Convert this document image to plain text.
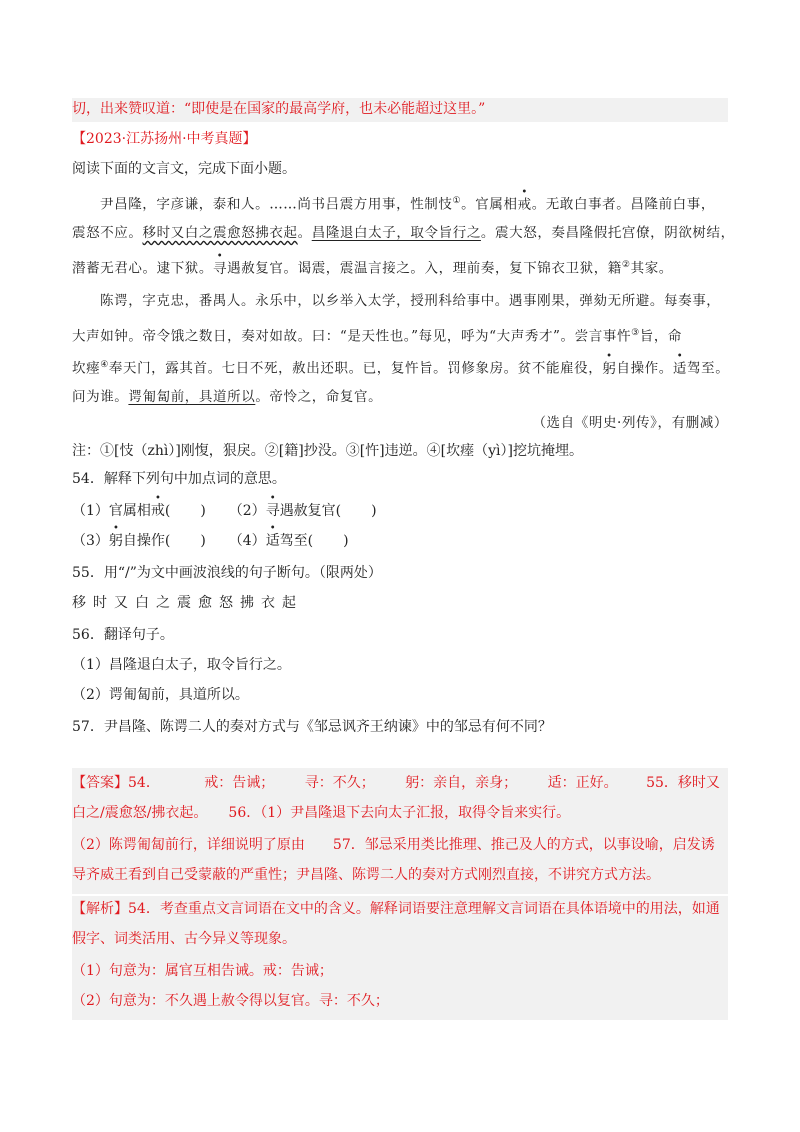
切，出来赞叹道：“即使是在国家的最高学府，也未必能超过这里。”
【2023·江苏扬州·中考真题】
阅读下面的文言文，完成下面小题。
尹昌隆，字彦谦，泰和人。……尚书吕震方用事，性制忮①。官属相戒。无敢白事者。昌隆前白事，
震怒不应。移时又白之震愈怒拂衣起。昌隆退白太子，取令旨行之。震大怒，奏昌隆假托宫僚，阴欲树结，
潜蓄无君心。逮下狱。寻遇赦复官。谒震，震温言接之。入，理前奏，复下锦衣卫狱，籍②其家。
陈谔，字克忠，番禺人。永乐中，以乡举入太学，授刑科给事中。遇事刚果，弹劾无所避。每奏事，
大声如钟。帝令饿之数日，奏对如故。曰：“是天性也。”每见，呼为“大声秀才”。尝言事忤③旨，命
坎瘗④奉天门，露其首。七日不死，赦出还职。已，复忤旨。罚修象房。贫不能雇役，躬自操作。适驾至。
问为谁。谔匍匐前，具道所以。帝怜之，命复官。
（选自《明史·列传》，有删减）
注：①[忮（zhì）]刚愎，狠戾。②[籍]抄没。③[忤]违逆。④[坎瘗（yì）]挖坑掩埋。
54．解释下列句中加点词的意思。
（1）官属相戒( ) （2）寻遇赦复官( )
（3）躬自操作( ) （4）适驾至( )
55．用“/”为文中画波浪线的句子断句。（限两处）
移时又白之震愈怒拂衣起
56．翻译句子。
（1）昌隆退白太子，取令旨行之。
（2）谔匍匐前，具道所以。
57．尹昌隆、陈谔二人的奏对方式与《邹忌讽齐王纳谏》中的邹忌有何不同？
【答案】54．	戒：告诫； 寻：不久； 躬：亲自，亲身； 适：正好。 55．移时又
白之/震愈怒/拂衣起。　　56．（1）尹昌隆退下去向太子汇报，取得令旨来实行。
（2）陈谔匍匐前行，详细说明了原由　　57．邹忌采用类比推理、推己及人的方式，以事设喻，启发诱
导齐威王看到自己受蒙蔽的严重性；尹昌隆、陈谔二人的奏对方式刚烈直接，不讲究方式方法。
【解析】54．考查重点文言词语在文中的含义。解释词语要注意理解文言词语在具体语境中的用法，如通
假字、词类活用、古今异义等现象。
（1）句意为：属官互相告诫。戒：告诫；
（2）句意为：不久遇上赦令得以复官。寻：不久；
